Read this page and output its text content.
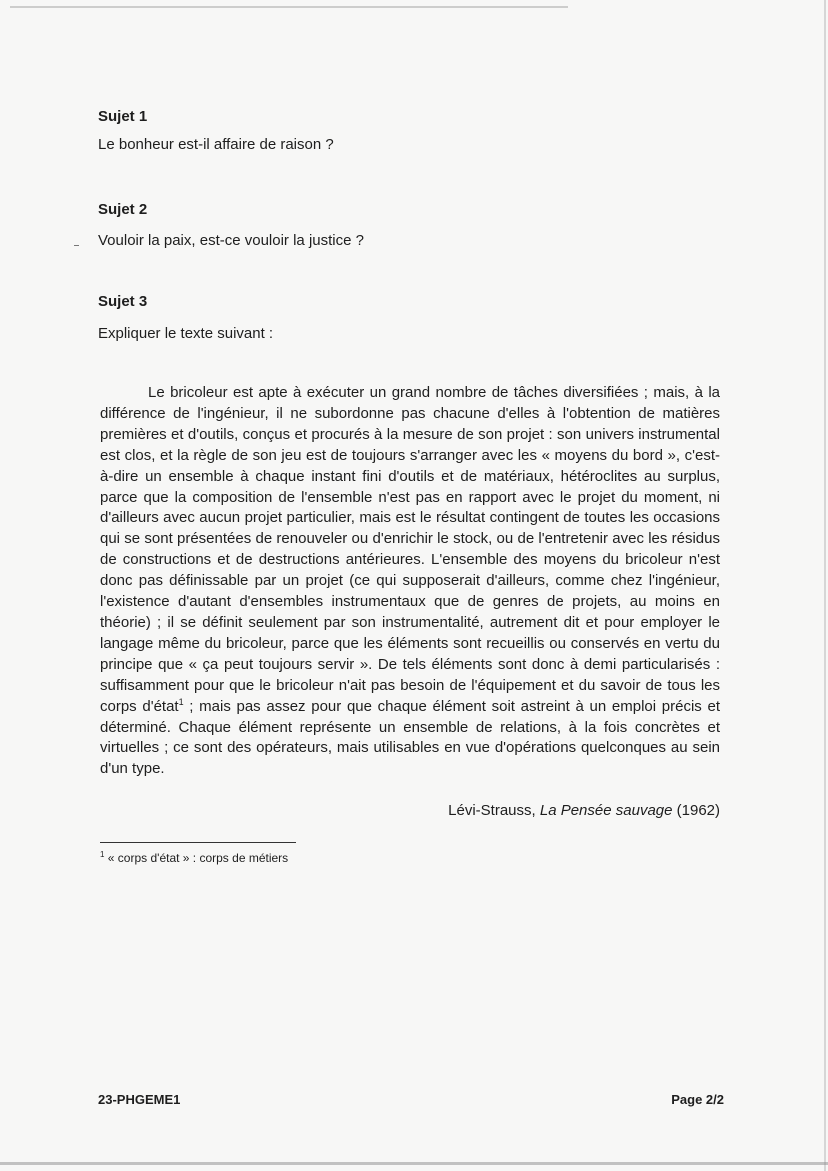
Sujet 1
Le bonheur est-il affaire de raison ?
Sujet 2
Vouloir la paix, est-ce vouloir la justice ?
Sujet 3
Expliquer le texte suivant :

Le bricoleur est apte à exécuter un grand nombre de tâches diversifiées ; mais, à la différence de l'ingénieur, il ne subordonne pas chacune d'elles à l'obtention de matières premières et d'outils, conçus et procurés à la mesure de son projet : son univers instrumental est clos, et la règle de son jeu est de toujours s'arranger avec les « moyens du bord », c'est-à-dire un ensemble à chaque instant fini d'outils et de matériaux, hétéroclites au surplus, parce que la composition de l'ensemble n'est pas en rapport avec le projet du moment, ni d'ailleurs avec aucun projet particulier, mais est le résultat contingent de toutes les occasions qui se sont présentées de renouveler ou d'enrichir le stock, ou de l'entretenir avec les résidus de constructions et de destructions antérieures. L'ensemble des moyens du bricoleur n'est donc pas définissable par un projet (ce qui supposerait d'ailleurs, comme chez l'ingénieur, l'existence d'autant d'ensembles instrumentaux que de genres de projets, au moins en théorie) ; il se définit seulement par son instrumentalité, autrement dit et pour employer le langage même du bricoleur, parce que les éléments sont recueillis ou conservés en vertu du principe que « ça peut toujours servir ». De tels éléments sont donc à demi particularisés : suffisamment pour que le bricoleur n'ait pas besoin de l'équipement et du savoir de tous les corps d'état$^1$ ; mais pas assez pour que chaque élément soit astreint à un emploi précis et déterminé. Chaque élément représente un ensemble de relations, à la fois concrètes et virtuelles ; ce sont des opérateurs, mais utilisables en vue d'opérations quelconques au sein d'un type.

Lévi-Strauss, La Pensée sauvage (1962)
$^1$ « corps d'état » : corps de métiers
23-PHGEME1	Page 2/2
